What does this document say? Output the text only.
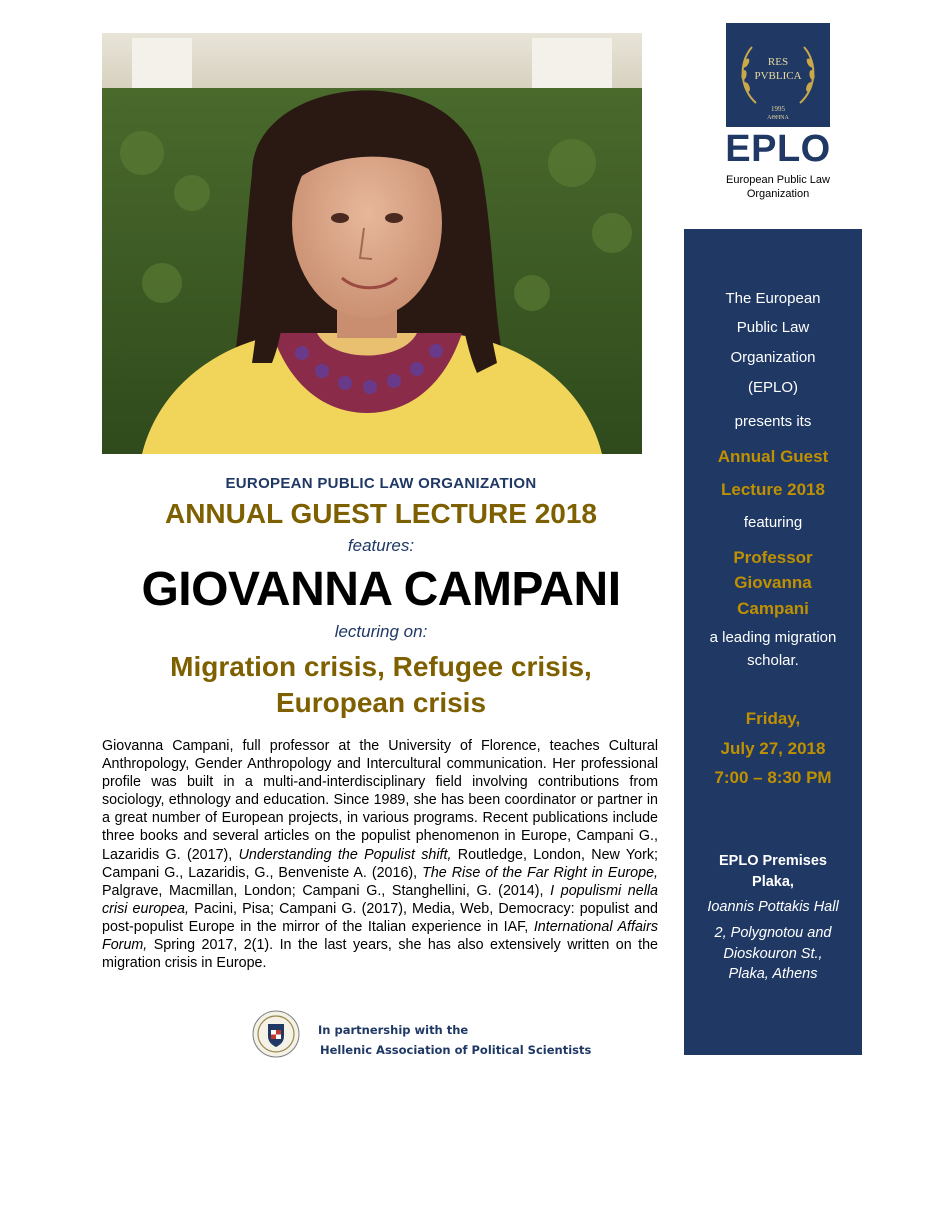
EUROPEAN PUBLIC LAW ORGANIZATION
ANNUAL GUEST LECTURE 2018
features:
GIOVANNA CAMPANI
lecturing on:
Migration crisis, Refugee crisis,
European crisis
Giovanna Campani, full professor at the University of Florence, teaches Cultural Anthropology, Gender Anthropology and Intercultural communication. Her professional profile was built in a multi-and-interdisciplinary field involving contributions from sociology, ethnology and education. Since 1989, she has been coordinator or partner in a great number of European projects, in various programs. Recent publications include three books and several articles on the populist phenomenon in Europe, Campani G., Lazaridis G. (2017), Understanding the Populist shift, Routledge, London, New York; Campani G., Lazaridis, G., Benveniste A. (2016), The Rise of the Far Right in Europe, Palgrave, Macmillan, London; Campani G., Stanghellini, G. (2014), I populismi nella crisi europea, Pacini, Pisa; Campani G. (2017), Media, Web, Democracy: populist and post-populist Europe in the mirror of the Italian experience in IAF, International Affairs Forum, Spring 2017, 2(1). In the last years, she has also extensively written on the migration crisis in Europe.
In partnership with the
Hellenic Association of Political Scientists
RES
PVBLICA
1995
AΘHNA
EPLO
European Public Law
Organization
The European
Public Law
Organization
(EPLO)
presents its
Annual Guest
Lecture 2018
featuring
Professor
Giovanna
Campani
a leading migration
scholar.
Friday,
July 27, 2018
7:00 – 8:30 PM
EPLO Premises
Plaka,
Ioannis Pottakis Hall
2, Polygnotou and
Dioskouron St.,
Plaka, Athens
